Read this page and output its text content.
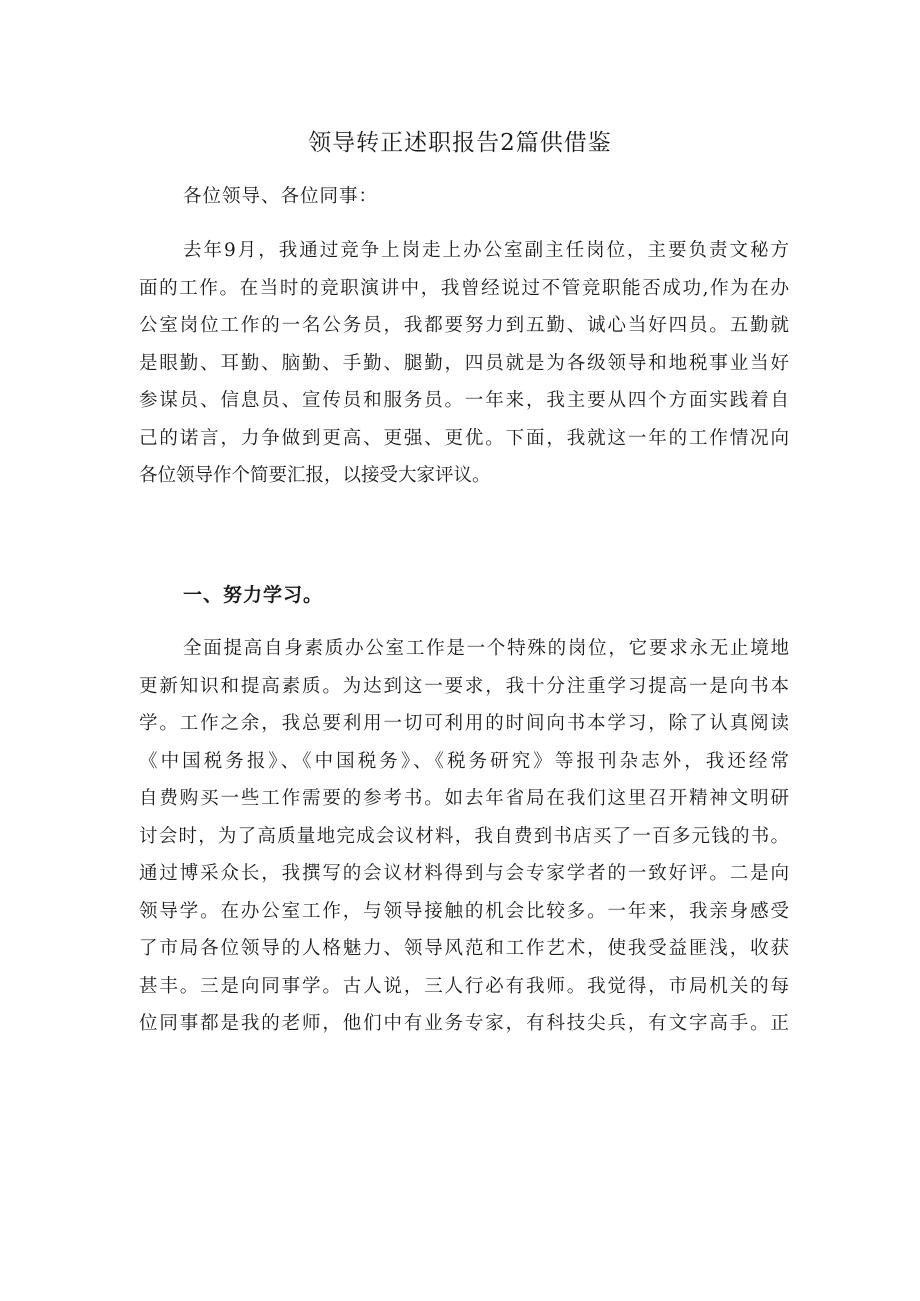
领导转正述职报告2篇供借鉴

各位领导、各位同事：

去年9月，我通过竞争上岗走上办公室副主任岗位，主要负责文秘方
面的工作。在当时的竞职演讲中，我曾经说过不管竞职能否成功,作为在办
公室岗位工作的一名公务员，我都要努力到五勤、诚心当好四员。五勤就
是眼勤、耳勤、脑勤、手勤、腿勤，四员就是为各级领导和地税事业当好
参谋员、信息员、宣传员和服务员。一年来，我主要从四个方面实践着自
己的诺言，力争做到更高、更强、更优。下面，我就这一年的工作情况向
各位领导作个简要汇报，以接受大家评议。
一、努力学习。
全面提高自身素质办公室工作是一个特殊的岗位，它要求永无止境地
更新知识和提高素质。为达到这一要求，我十分注重学习提高一是向书本
学。工作之余，我总要利用一切可利用的时间向书本学习，除了认真阅读
《中国税务报》、《中国税务》、《税务研究》等报刊杂志外，我还经常
自费购买一些工作需要的参考书。如去年省局在我们这里召开精神文明研
讨会时，为了高质量地完成会议材料，我自费到书店买了一百多元钱的书。
通过博采众长，我撰写的会议材料得到与会专家学者的一致好评。二是向
领导学。在办公室工作，与领导接触的机会比较多。一年来，我亲身感受
了市局各位领导的人格魅力、领导风范和工作艺术，使我受益匪浅，收获
甚丰。三是向同事学。古人说，三人行必有我师。我觉得，市局机关的每
位同事都是我的老师，他们中有业务专家，有科技尖兵，有文字高手。正
